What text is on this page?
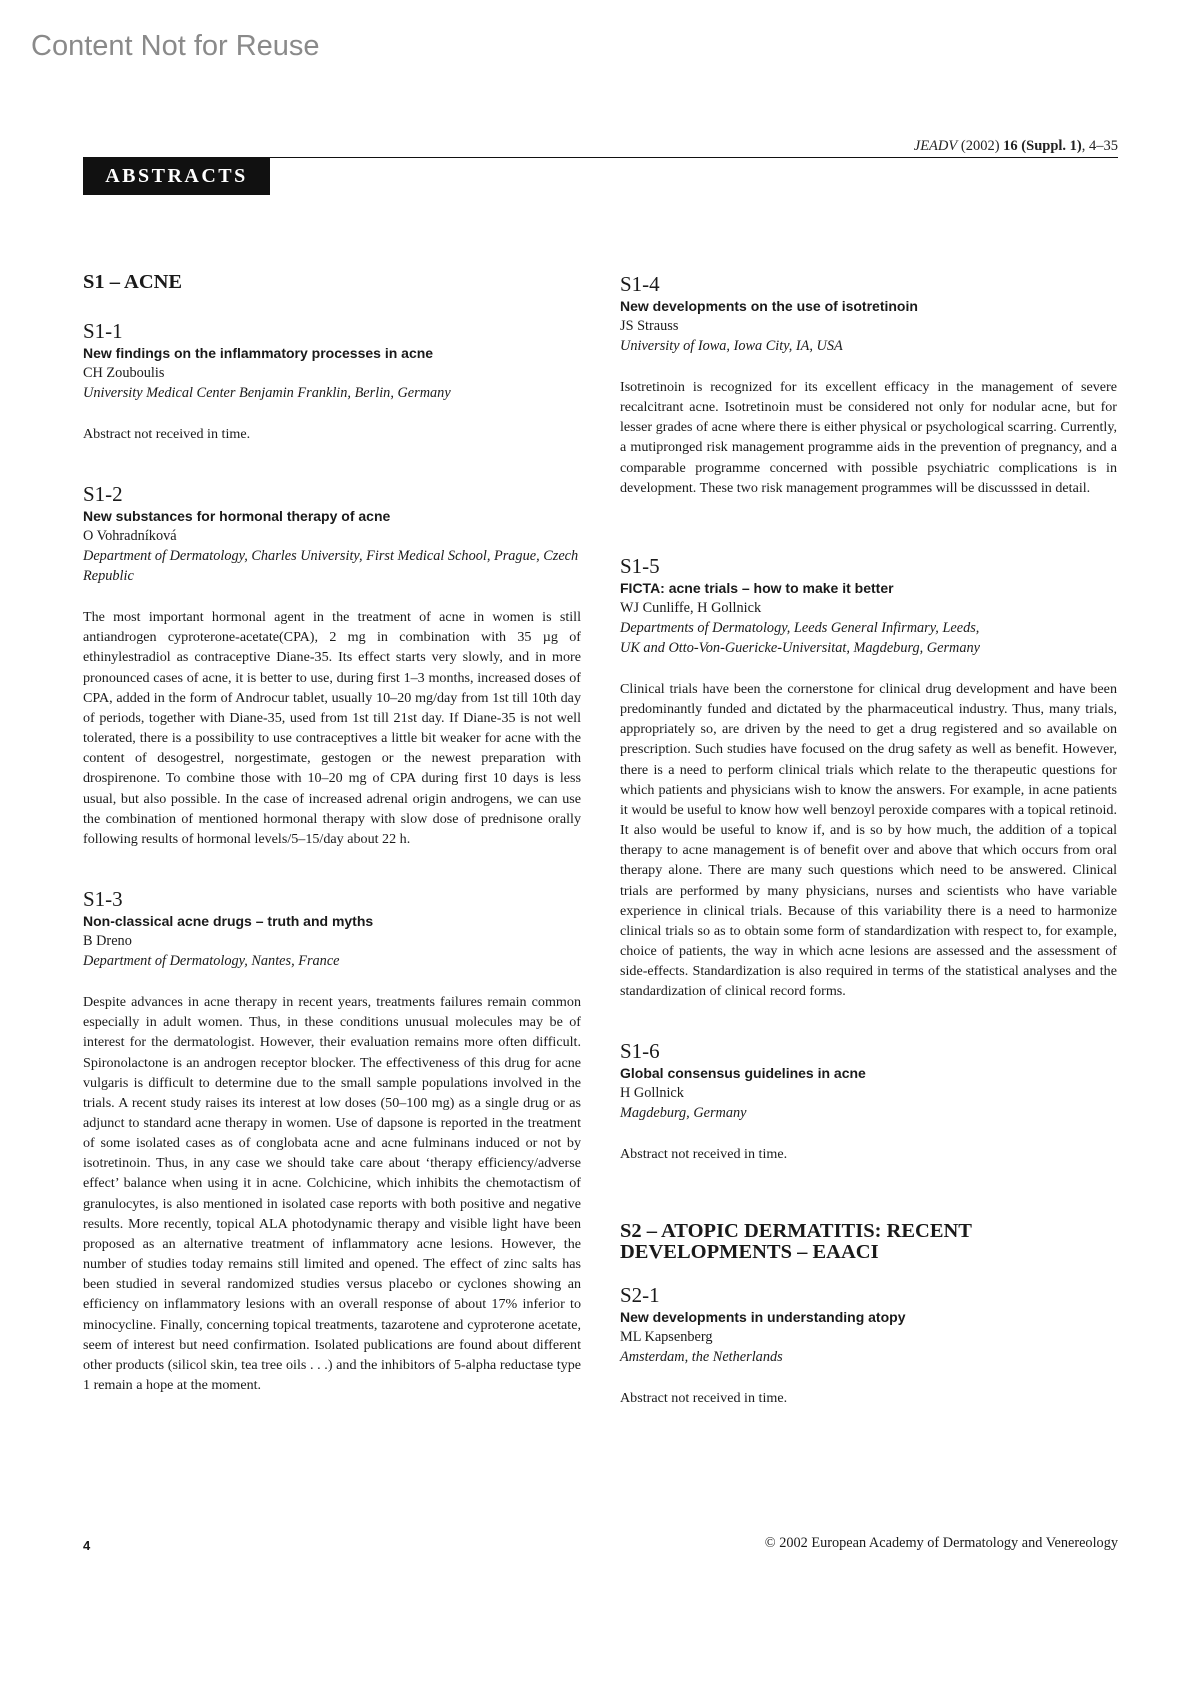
Content Not for Reuse
JEADV (2002) 16 (Suppl. 1), 4–35
ABSTRACTS
S1 – ACNE

S1-1

New findings on the inflammatory processes in acne

CH Zouboulis

University Medical Center Benjamin Franklin, Berlin, Germany

Abstract not received in time.

S1-2

New substances for hormonal therapy of acne

O Vohradníková

Department of Dermatology, Charles University, First Medical School, Prague, Czech Republic

The most important hormonal agent in the treatment of acne in women is still antiandrogen cyproterone-acetate(CPA), 2 mg in combination with 35 µg of ethinylestradiol as contraceptive Diane-35. Its effect starts very slowly, and in more pronounced cases of acne, it is better to use, during first 1–3 months, increased doses of CPA, added in the form of Androcur tablet, usually 10–20 mg/day from 1st till 10th day of periods, together with Diane-35, used from 1st till 21st day. If Diane-35 is not well tolerated, there is a possibility to use contraceptives a little bit weaker for acne with the content of desogestrel, norgestimate, gestogen or the newest preparation with drospirenone. To combine those with 10–20 mg of CPA during first 10 days is less usual, but also possible. In the case of increased adrenal origin androgens, we can use the combination of mentioned hormonal therapy with slow dose of prednisone orally following results of hormonal levels/5–15/day about 22 h.

S1-3

Non-classical acne drugs – truth and myths

B Dreno

Department of Dermatology, Nantes, France

Despite advances in acne therapy in recent years, treatments failures remain common especially in adult women. Thus, in these conditions unusual molecules may be of interest for the dermatologist. However, their evaluation remains more often difficult. Spironolactone is an androgen receptor blocker. The effectiveness of this drug for acne vulgaris is difficult to determine due to the small sample populations involved in the trials. A recent study raises its interest at low doses (50–100 mg) as a single drug or as adjunct to standard acne therapy in women. Use of dapsone is reported in the treatment of some isolated cases as of conglobata acne and acne fulminans induced or not by isotretinoin. Thus, in any case we should take care about ‘therapy efficiency/adverse effect’ balance when using it in acne. Colchicine, which inhibits the chemotactism of granulocytes, is also mentioned in isolated case reports with both positive and negative results. More recently, topical ALA photodynamic therapy and visible light have been proposed as an alternative treatment of inflammatory acne lesions. However, the number of studies today remains still limited and opened. The effect of zinc salts has been studied in several randomized studies versus placebo or cyclones showing an efficiency on inflammatory lesions with an overall response of about 17% inferior to minocycline. Finally, concerning topical treatments, tazarotene and cyproterone acetate, seem of interest but need confirmation. Isolated publications are found about different other products (silicol skin, tea tree oils . . .) and the inhibitors of 5-alpha reductase type 1 remain a hope at the moment.

S1-4

New developments on the use of isotretinoin

JS Strauss

University of Iowa, Iowa City, IA, USA

Isotretinoin is recognized for its excellent efficacy in the management of severe recalcitrant acne. Isotretinoin must be considered not only for nodular acne, but for lesser grades of acne where there is either physical or psychological scarring. Currently, a mutipronged risk management programme aids in the prevention of pregnancy, and a comparable programme concerned with possible psychiatric complications is in development. These two risk management programmes will be discusssed in detail.

S1-5

FICTA: acne trials – how to make it better

WJ Cunliffe, H Gollnick

Departments of Dermatology, Leeds General Infirmary, Leeds, UK and Otto-Von-Guericke-Universitat, Magdeburg, Germany

Clinical trials have been the cornerstone for clinical drug development and have been predominantly funded and dictated by the pharmaceutical industry. Thus, many trials, appropriately so, are driven by the need to get a drug registered and so available on prescription. Such studies have focused on the drug safety as well as benefit. However, there is a need to perform clinical trials which relate to the therapeutic questions for which patients and physicians wish to know the answers. For example, in acne patients it would be useful to know how well benzoyl peroxide compares with a topical retinoid. It also would be useful to know if, and is so by how much, the addition of a topical therapy to acne management is of benefit over and above that which occurs from oral therapy alone. There are many such questions which need to be answered. Clinical trials are performed by many physicians, nurses and scientists who have variable experience in clinical trials. Because of this variability there is a need to harmonize clinical trials so as to obtain some form of standardization with respect to, for example, choice of patients, the way in which acne lesions are assessed and the assessment of side-effects. Standardization is also required in terms of the statistical analyses and the standardization of clinical record forms.

S1-6

Global consensus guidelines in acne

H Gollnick

Magdeburg, Germany

Abstract not received in time.

S2 – ATOPIC DERMATITIS: RECENT DEVELOPMENTS – EAACI

S2-1

New developments in understanding atopy

ML Kapsenberg

Amsterdam, the Netherlands

Abstract not received in time.

4	© 2002 European Academy of Dermatology and Venereology
